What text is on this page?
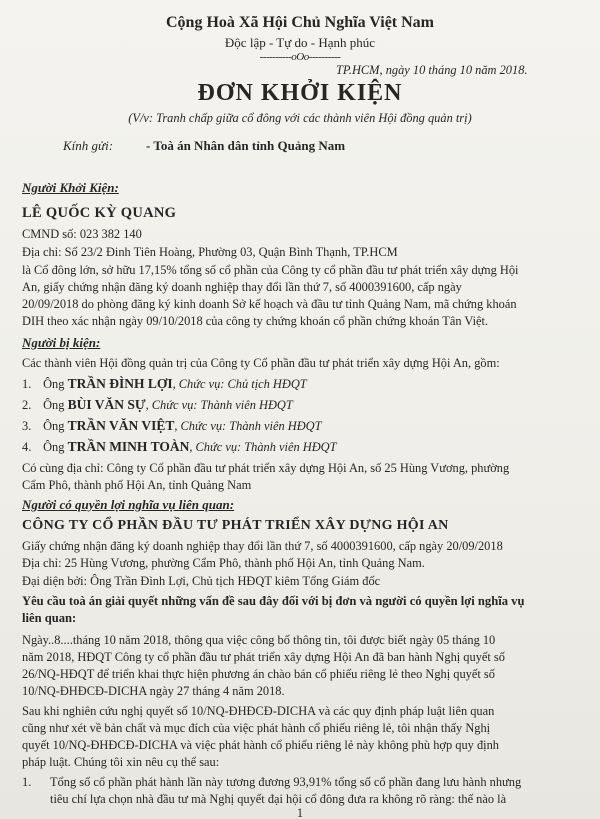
Cộng Hoà Xã Hội Chủ Nghĩa Việt Nam
Độc lập - Tự do - Hạnh phúc
----------oOo----------
TP.HCM, ngày 10 tháng 10 năm 2018.
ĐƠN KHỞI KIỆN
(V/v: Tranh chấp giữa cổ đông với các thành viên Hội đồng quản trị)
Kính gửi:	- Toà án Nhân dân tỉnh Quảng Nam
Người Khởi Kiện:
LÊ QUỐC KỲ QUANG
CMND số: 023 382 140
Địa chỉ: Số 23/2 Đinh Tiên Hoàng, Phường 03, Quận Bình Thạnh, TP.HCM
là Cổ đông lớn, sở hữu 17,15% tổng số cổ phần của Công ty cổ phần đầu tư phát triển xây dựng Hội
An, giấy chứng nhận đăng ký doanh nghiệp thay đổi lần thứ 7, số 4000391600, cấp ngày
20/09/2018 do phòng đăng ký kinh doanh Sở kế hoạch và đầu tư tỉnh Quảng Nam, mã chứng khoán
DIH theo xác nhận ngày 09/10/2018 của công ty chứng khoán cổ phần chứng khoán Tân Việt.
Người bị kiện:
Các thành viên Hội đồng quản trị của Công ty Cổ phần đầu tư phát triển xây dựng Hội An, gồm:
1. Ông TRẦN ĐÌNH LỢI, Chức vụ: Chủ tịch HĐQT
2. Ông BÙI VĂN SỰ, Chức vụ: Thành viên HĐQT
3. Ông TRẦN VĂN VIỆT, Chức vụ: Thành viên HĐQT
4. Ông TRẦN MINH TOÀN, Chức vụ: Thành viên HĐQT
Có cùng địa chỉ: Công ty Cổ phần đầu tư phát triển xây dựng Hội An, số 25 Hùng Vương, phường
Cẩm Phô, thành phố Hội An, tỉnh Quảng Nam
Người có quyền lợi nghĩa vụ liên quan:
CÔNG TY CỔ PHẦN ĐẦU TƯ PHÁT TRIỂN XÂY DỰNG HỘI AN
Giấy chứng nhận đăng ký doanh nghiệp thay đổi lần thứ 7, số 4000391600, cấp ngày 20/09/2018
Địa chỉ: 25 Hùng Vương, phường Cẩm Phô, thành phố Hội An, tỉnh Quảng Nam.
Đại diện bởi: Ông Trần Đình Lợi, Chủ tịch HĐQT kiêm Tổng Giám đốc
Yêu cầu toà án giải quyết những vấn đề sau đây đối với bị đơn và người có quyền lợi nghĩa vụ
liên quan:
Ngày..8....tháng 10 năm 2018, thông qua việc công bố thông tin, tôi được biết ngày 05 tháng 10
năm 2018, HĐQT Công ty cổ phần đầu tư phát triển xây dựng Hội An đã ban hành Nghị quyết số
26/NQ-HĐQT để triển khai thực hiện phương án chào bán cổ phiếu riêng lẻ theo Nghị quyết số
10/NQ-ĐHĐCĐ-DICHA ngày 27 tháng 4 năm 2018.
Sau khi nghiên cứu nghị quyết số 10/NQ-ĐHĐCĐ-DICHA và các quy định pháp luật liên quan
cũng như xét về bản chất và mục đích của việc phát hành cổ phiếu riêng lẻ, tôi nhận thấy Nghị
quyết 10/NQ-ĐHĐCĐ-DICHA và việc phát hành cổ phiếu riêng lẻ này không phù hợp quy định
pháp luật. Chúng tôi xin nêu cụ thể sau:
1. Tổng số cổ phần phát hành lần này tương đương 93,91% tổng số cổ phần đang lưu hành nhưng
tiêu chí lựa chọn nhà đầu tư mà Nghị quyết đại hội cổ đông đưa ra không rõ ràng: thế nào là
1
